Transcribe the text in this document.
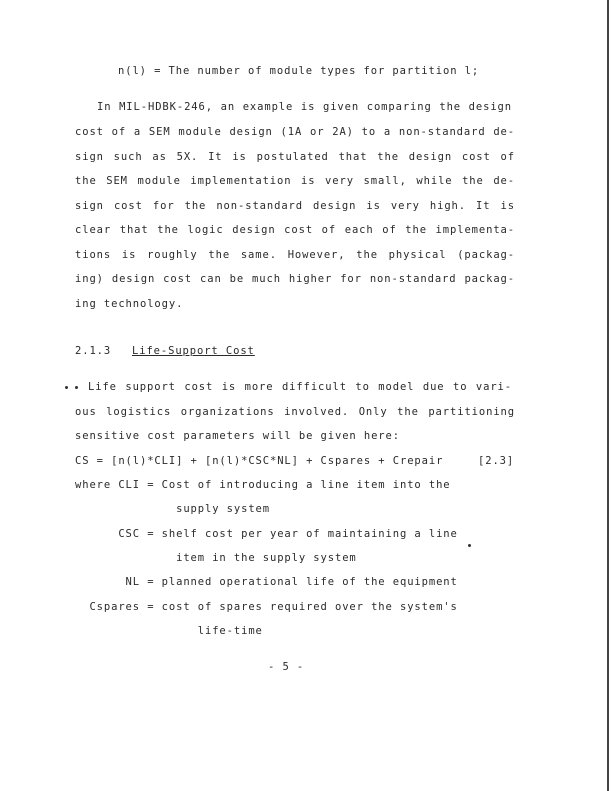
n(l) = The number of module types for partition l;
In MIL-HDBK-246, an example is given comparing the design
cost of a SEM module design (1A or 2A) to a non-standard de-
sign such as 5X. It is postulated that the design cost of
the SEM module implementation is very small, while the de-
sign cost for the non-standard design is very high. It is
clear that the logic design cost of each of the implementa-
tions is roughly the same. However, the physical (packag-
ing) design cost can be much higher for non-standard packag-
ing technology.
2.1.3	Life-Support Cost
Life support cost is more difficult to model due to vari-
ous logistics organizations involved. Only the partitioning
sensitive cost parameters will be given here:
CS = [n(l)*CLI] + [n(l)*CSC*NL] + Cspares + Crepair	[2.3]
where CLI = Cost of introducing a line item into the
supply system
CSC = shelf cost per year of maintaining a line
item in the supply system
NL = planned operational life of the equipment
Cspares = cost of spares required over the system's
life-time
- 5 -
